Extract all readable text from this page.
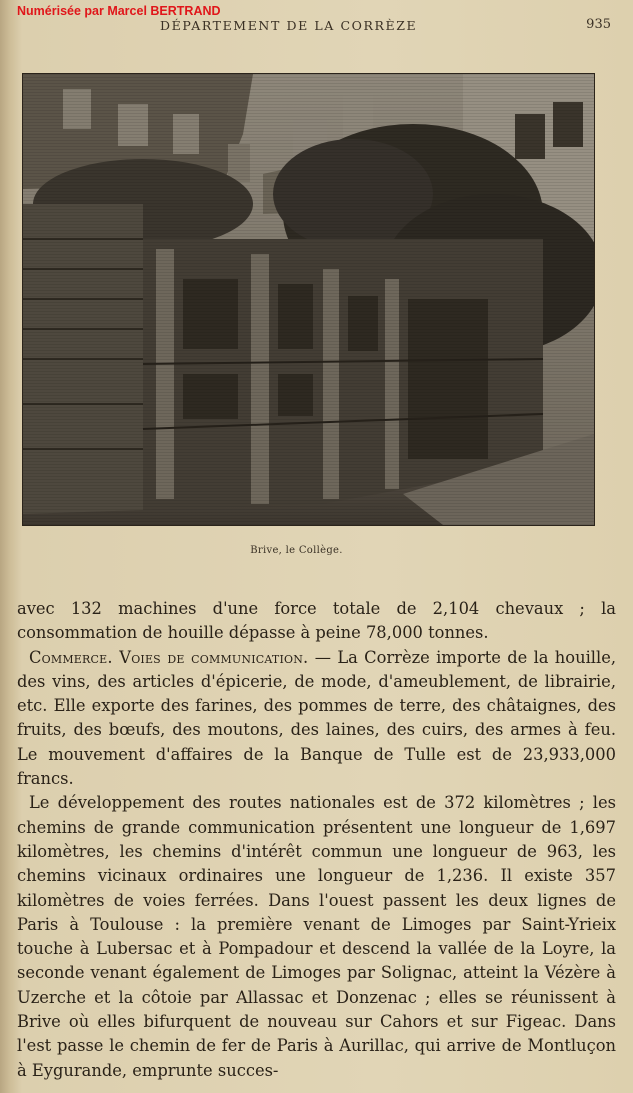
Numérisée par Marcel BERTRAND
DÉPARTEMENT DE LA CORRÈZE	935
Brive, le Collège.

avec 132 machines d'une force totale de 2,104 chevaux ; la consommation de houille dépasse à peine 78,000 tonnes.

Commerce. Voies de communication. — La Corrèze importe de la houille, des vins, des articles d'épicerie, de mode, d'ameublement, de librairie, etc. Elle exporte des farines, des pommes de terre, des châtaignes, des fruits, des bœufs, des moutons, des laines, des cuirs, des armes à feu. Le mouvement d'affaires de la Banque de Tulle est de 23,933,000 francs.

Le développement des routes nationales est de 372 kilomètres ; les chemins de grande communication présentent une longueur de 1,697 kilomètres, les chemins d'intérêt commun une longueur de 963, les chemins vicinaux ordinaires une longueur de 1,236. Il existe 357 kilomètres de voies ferrées. Dans l'ouest passent les deux lignes de Paris à Toulouse : la première venant de Limoges par Saint-Yrieix touche à Lubersac et à Pompadour et descend la vallée de la Loyre, la seconde venant également de Limoges par Solignac, atteint la Vézère à Uzerche et la côtoie par Allassac et Donzenac ; elles se réunissent à Brive où elles bifurquent de nouveau sur Cahors et sur Figeac. Dans l'est passe le chemin de fer de Paris à Aurillac, qui arrive de Montluçon à Eygurande, emprunte succes-
